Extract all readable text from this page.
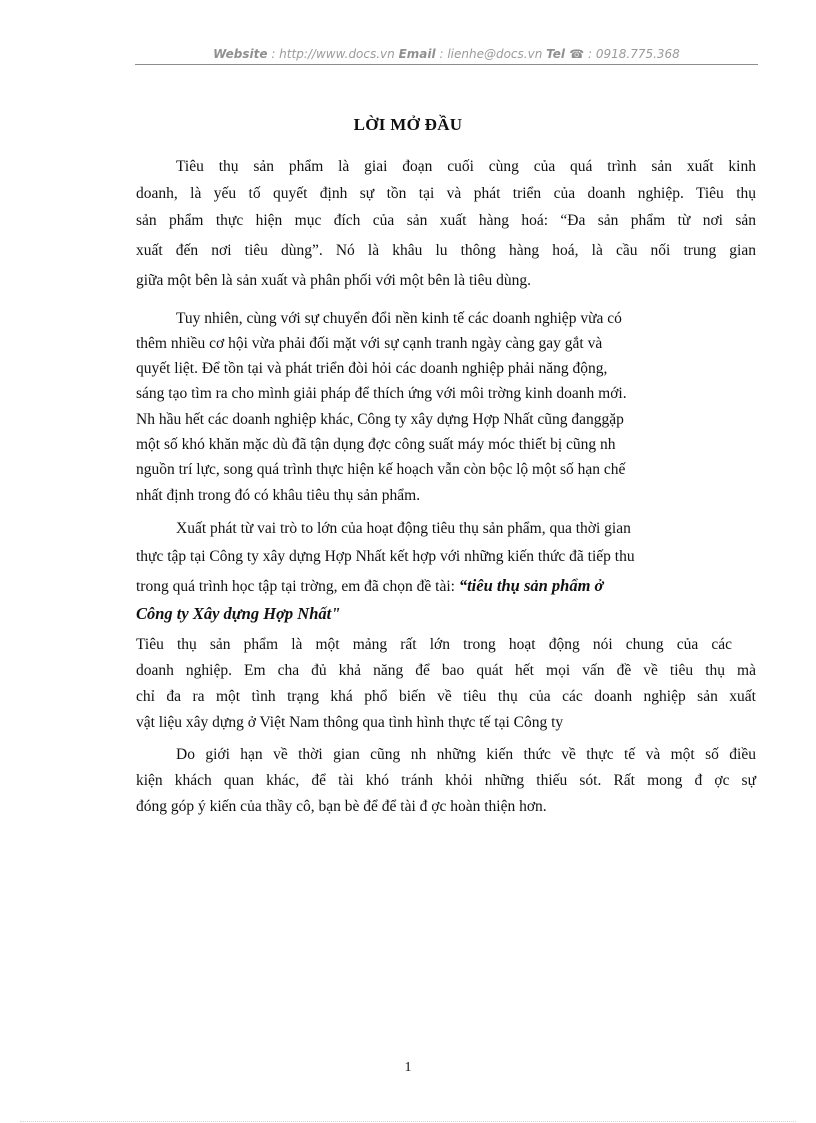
Website : http://www.docs.vn Email : lienhe@docs.vn Tel ☎ : 0918.775.368
LỜI MỞ ĐẦU
Tiêu thụ sản phẩm là giai đoạn cuối cùng của quá trình sản xuất kinh
doanh, là yếu tố quyết định sự tồn tại và phát triển của doanh nghiệp. Tiêu thụ
sản phẩm thực hiện mục đích của sản xuất hàng hoá: “Đa sản phẩm từ nơi sản
xuất đến nơi tiêu dùng”. Nó là khâu lu thông hàng hoá, là cầu nối trung gian
giữa một bên là sản xuất và phân phối với một bên là tiêu dùng.
Tuy nhiên, cùng với sự chuyển đổi nền kinh tế các doanh nghiệp vừa có
thêm nhiều cơ hội vừa phải đối mặt với sự cạnh tranh ngày càng gay gắt và
quyết liệt. Để tồn tại và phát triển đòi hỏi các doanh nghiệp phải năng động,
sáng tạo tìm ra cho mình giải pháp để thích ứng với môi trờng kinh doanh mới.
Nh hầu hết các doanh nghiệp khác, Công ty xây dựng Hợp Nhất cũng đanggặp
một số khó khăn mặc dù đã tận dụng đợc công suất máy móc thiết bị cũng nh
nguồn trí lực, song quá trình thực hiện kế hoạch vẫn còn bộc lộ một số hạn chế
nhất định trong đó có khâu tiêu thụ sản phẩm.
Xuất phát từ vai trò to lớn của hoạt động tiêu thụ sản phẩm, qua thời gian
thực tập tại Công ty xây dựng Hợp Nhất kết hợp với những kiến thức đã tiếp thu
trong quá trình học tập tại trờng, em đã chọn đề tài: “tiêu thụ sản phẩm ở
Công ty Xây dựng Hợp Nhất"
Tiêu thụ sản phẩm là một mảng rất lớn trong hoạt động nói chung của các
doanh nghiệp. Em cha đủ khả năng để bao quát hết mọi vấn đề về tiêu thụ mà
chỉ đa ra một tình trạng khá phổ biến về tiêu thụ của các doanh nghiệp sản xuất
vật liệu xây dựng ở Việt Nam thông qua tình hình thực tế tại Công ty
Do giới hạn về thời gian cũng nh những kiến thức về thực tế và một số điều
kiện khách quan khác, để tài khó tránh khỏi những thiếu sót. Rất mong đ ợc sự
đóng góp ý kiến của thầy cô, bạn bè để để tài đ ợc hoàn thiện hơn.
1
